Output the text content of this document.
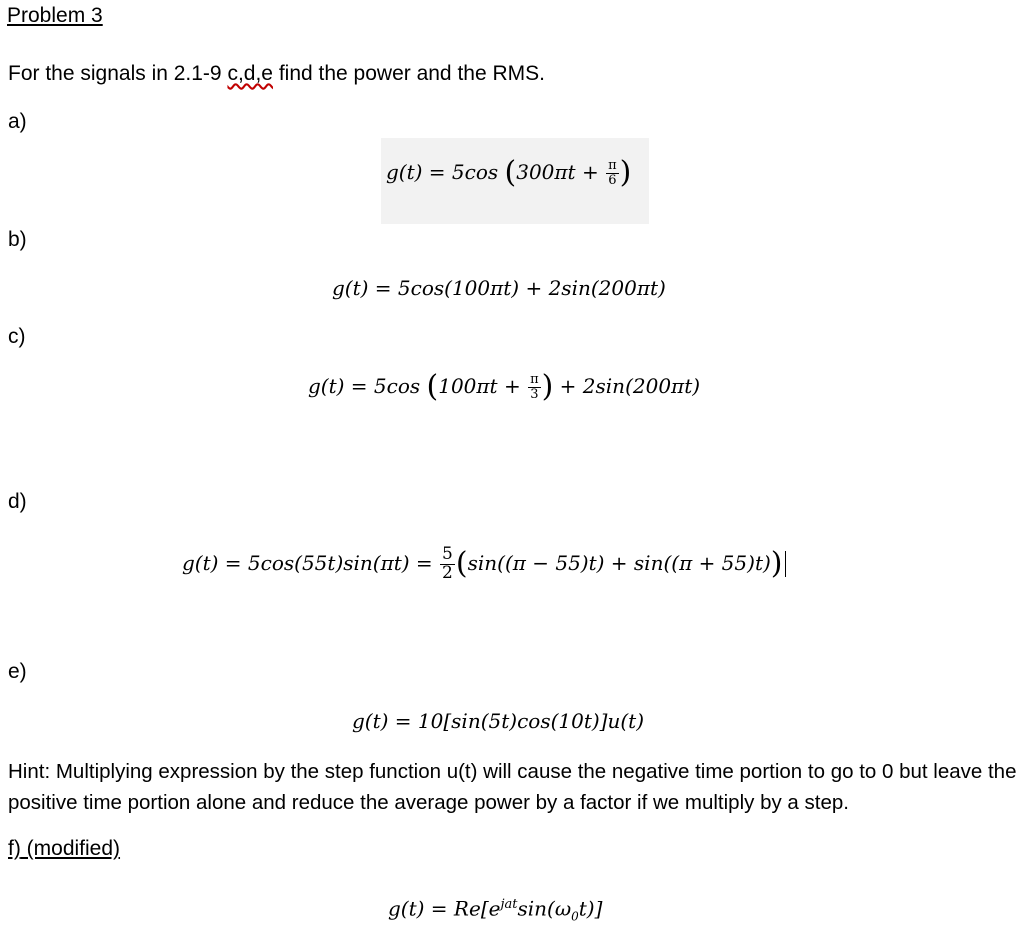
Problem 3
For the signals in 2.1-9 c,d,e find the power and the RMS.
a)
g(t) = 5cos ($300\pi t + \frac{\pi}{6}$ )
b)
g(t) = 5cos(100πt) + 2sin(200πt)
c)
g(t) = 5cos ($100\pi t + \frac{\pi}{3}$ ) + 2sin(200πt)
d)
$g(t) = 5\cos(55t)\sin(\pi t) = \frac{5}{2} (\sin((\pi - 55)t) + \sin((\pi + 55)t))$
e)
g(t) = 10[sin(5t)cos(10t)]u(t)
Hint: Multiplying expression by the step function u(t) will cause the negative time portion to go to 0 but leave the positive time portion alone and reduce the average power by a factor if we multiply by a step.
f) (modified)
$g(t) = Re[e^{jat}\sin(\omega_0t)]$
